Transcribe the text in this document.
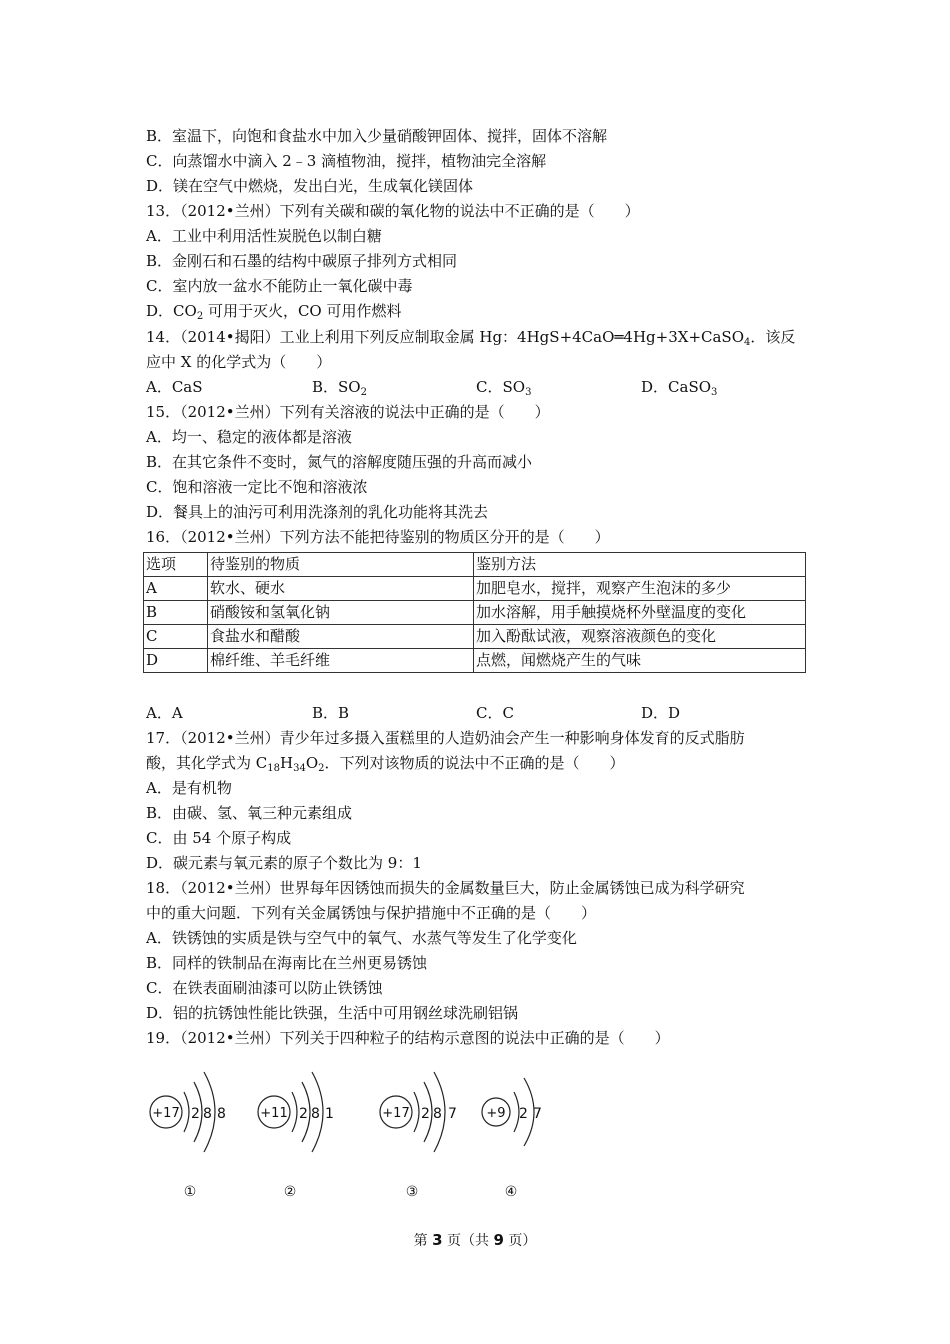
B．室温下，向饱和食盐水中加入少量硝酸钾固体、搅拌，固体不溶解
C．向蒸馏水中滴入 2﹣3 滴植物油，搅拌，植物油完全溶解
D．镁在空气中燃烧，发出白光，生成氧化镁固体
13．（2012•兰州）下列有关碳和碳的氧化物的说法中不正确的是（　　）
A．工业中利用活性炭脱色以制白糖
B．金刚石和石墨的结构中碳原子排列方式相同
C．室内放一盆水不能防止一氧化碳中毒
D．$CO_2$ 可用于灭火，CO 可用作燃料
14．（2014•揭阳）工业上利用下列反应制取金属 Hg：4HgS+4CaO═4Hg+3X+CaSO$_4$．该反
应中 X 的化学式为（　　）
A．CaS	B．$SO_2$	C．$SO_3$	D．CaSO$_3$
15．（2012•兰州）下列有关溶液的说法中正确的是（　　）
A．均一、稳定的液体都是溶液
B．在其它条件不变时，氮气的溶解度随压强的升高而减小
C．饱和溶液一定比不饱和溶液浓
D．餐具上的油污可利用洗涤剂的乳化功能将其洗去
16．（2012•兰州）下列方法不能把待鉴别的物质区分开的是（　　）
选项	待鉴别的物质	鉴别方法
A	软水、硬水	加肥皂水，搅拌，观察产生泡沫的多少
B	硝酸铵和氢氧化钠	加水溶解，用手触摸烧杯外壁温度的变化
C	食盐水和醋酸	加入酚酞试液，观察溶液颜色的变化
D	棉纤维、羊毛纤维	点燃，闻燃烧产生的气味
A．A	B．B	C．C	D．D
17．（2012•兰州）青少年过多摄入蛋糕里的人造奶油会产生一种影响身体发育的反式脂肪
酸，其化学式为 $C_{18}H_{34}O_2$．下列对该物质的说法中不正确的是（　　）
A．是有机物
B．由碳、氢、氧三种元素组成
C．由 54 个原子构成
D．碳元素与氧元素的原子个数比为 9：1
18．（2012•兰州）世界每年因锈蚀而损失的金属数量巨大，防止金属锈蚀已成为科学研究
中的重大问题．下列有关金属锈蚀与保护措施中不正确的是（　　）
A．铁锈蚀的实质是铁与空气中的氧气、水蒸气等发生了化学变化
B．同样的铁制品在海南比在兰州更易锈蚀
C．在铁表面刷油漆可以防止铁锈蚀
D．铝的抗锈蚀性能比铁强，生活中可用钢丝球洗刷铝锅
19．（2012•兰州）下列关于四种粒子的结构示意图的说法中正确的是（　　）
+17 2 8 8
①
+11 2 8 1
②
+17 2 8 7
③
+9 2 7
④
第 3 页（共 9 页）
